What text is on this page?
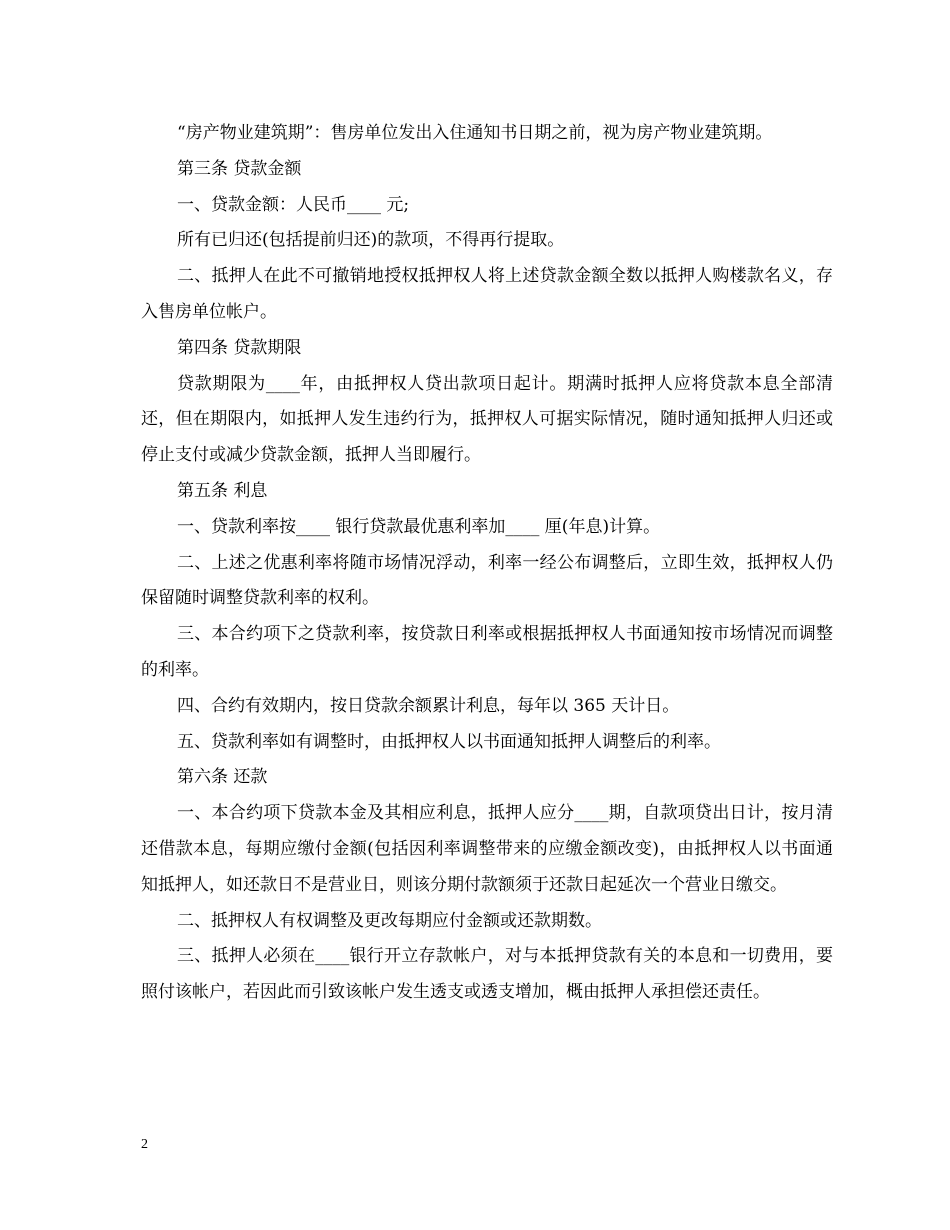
“房产物业建筑期”：售房单位发出入住通知书日期之前，视为房产物业建筑期。

第三条 贷款金额

一、贷款金额：人民币____ 元;

所有已归还(包括提前归还)的款项，不得再行提取。

二、抵押人在此不可撤销地授权抵押权人将上述贷款金额全数以抵押人购楼款名义，存入售房单位帐户。

第四条 贷款期限

贷款期限为____年，由抵押权人贷出款项日起计。期满时抵押人应将贷款本息全部清还，但在期限内，如抵押人发生违约行为，抵押权人可据实际情况，随时通知抵押人归还或停止支付或减少贷款金额，抵押人当即履行。

第五条 利息

一、贷款利率按____ 银行贷款最优惠利率加____ 厘(年息)计算。

二、上述之优惠利率将随市场情况浮动，利率一经公布调整后，立即生效，抵押权人仍保留随时调整贷款利率的权利。

三、本合约项下之贷款利率，按贷款日利率或根据抵押权人书面通知按市场情况而调整的利率。

四、合约有效期内，按日贷款余额累计利息，每年以 365 天计日。

五、贷款利率如有调整时，由抵押权人以书面通知抵押人调整后的利率。

第六条 还款

一、本合约项下贷款本金及其相应利息，抵押人应分____期，自款项贷出日计，按月清还借款本息，每期应缴付金额(包括因利率调整带来的应缴金额改变)，由抵押权人以书面通知抵押人，如还款日不是营业日，则该分期付款额须于还款日起延次一个营业日缴交。

二、抵押权人有权调整及更改每期应付金额或还款期数。

三、抵押人必须在____银行开立存款帐户，对与本抵押贷款有关的本息和一切费用，要照付该帐户，若因此而引致该帐户发生透支或透支增加，概由抵押人承担偿还责任。

2
